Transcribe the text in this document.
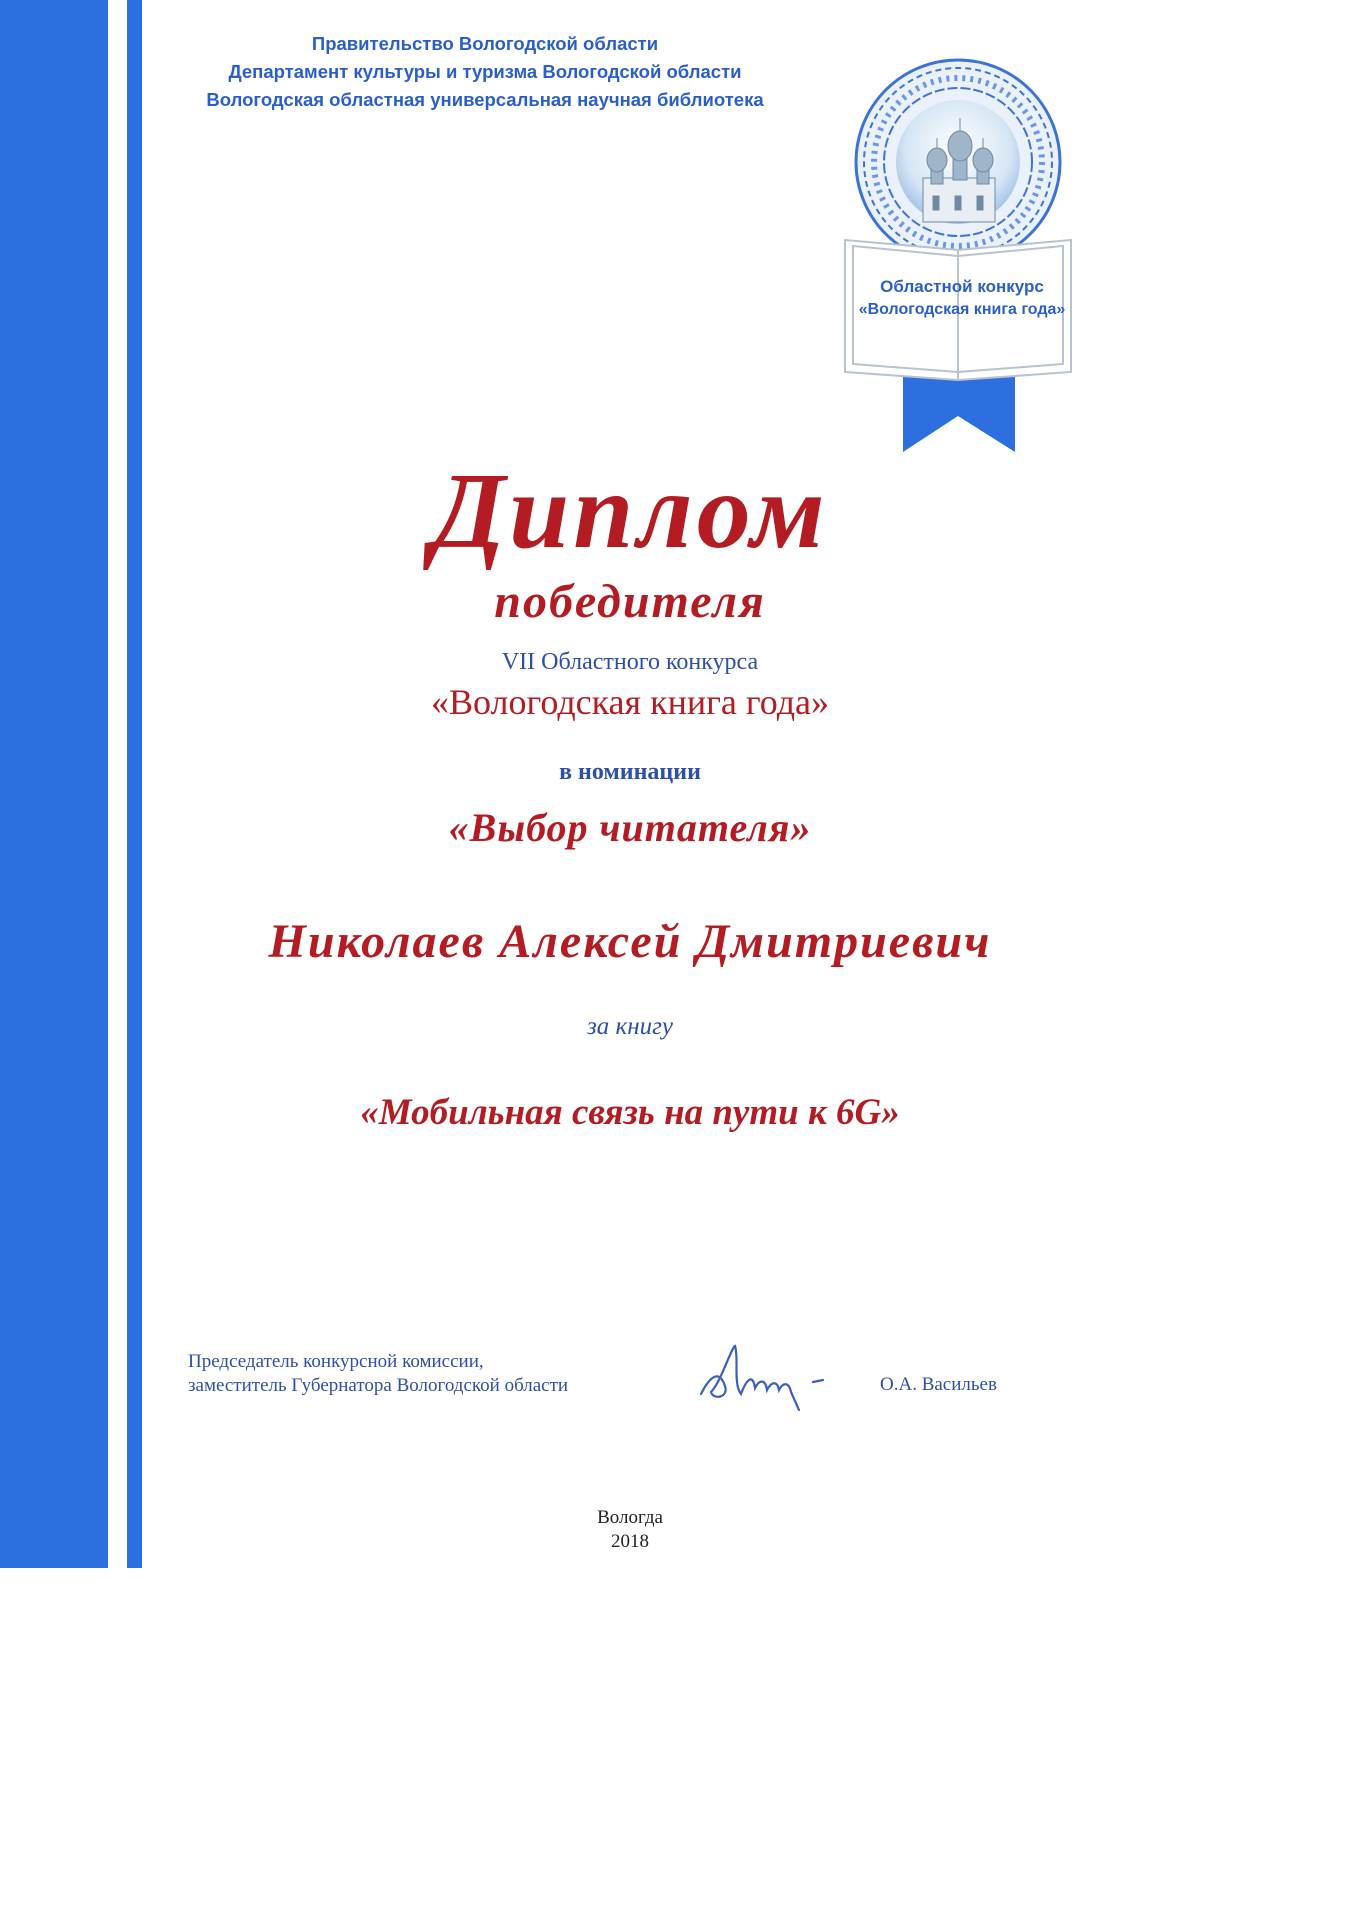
Правительство Вологодской области
Департамент культуры и туризма Вологодской области
Вологодская областная универсальная научная библиотека
Областной конкурс
«Вологодская книга года»
Диплом
победителя
VII Областного конкурса
«Вологодская книга года»
в номинации
«Выбор читателя»
Николаев Алексей Дмитриевич
за книгу
«Мобильная связь на пути к 6G»
Председатель конкурсной комиссии,
заместитель Губернатора Вологодской области	О.А. Васильев
Вологда
2018
